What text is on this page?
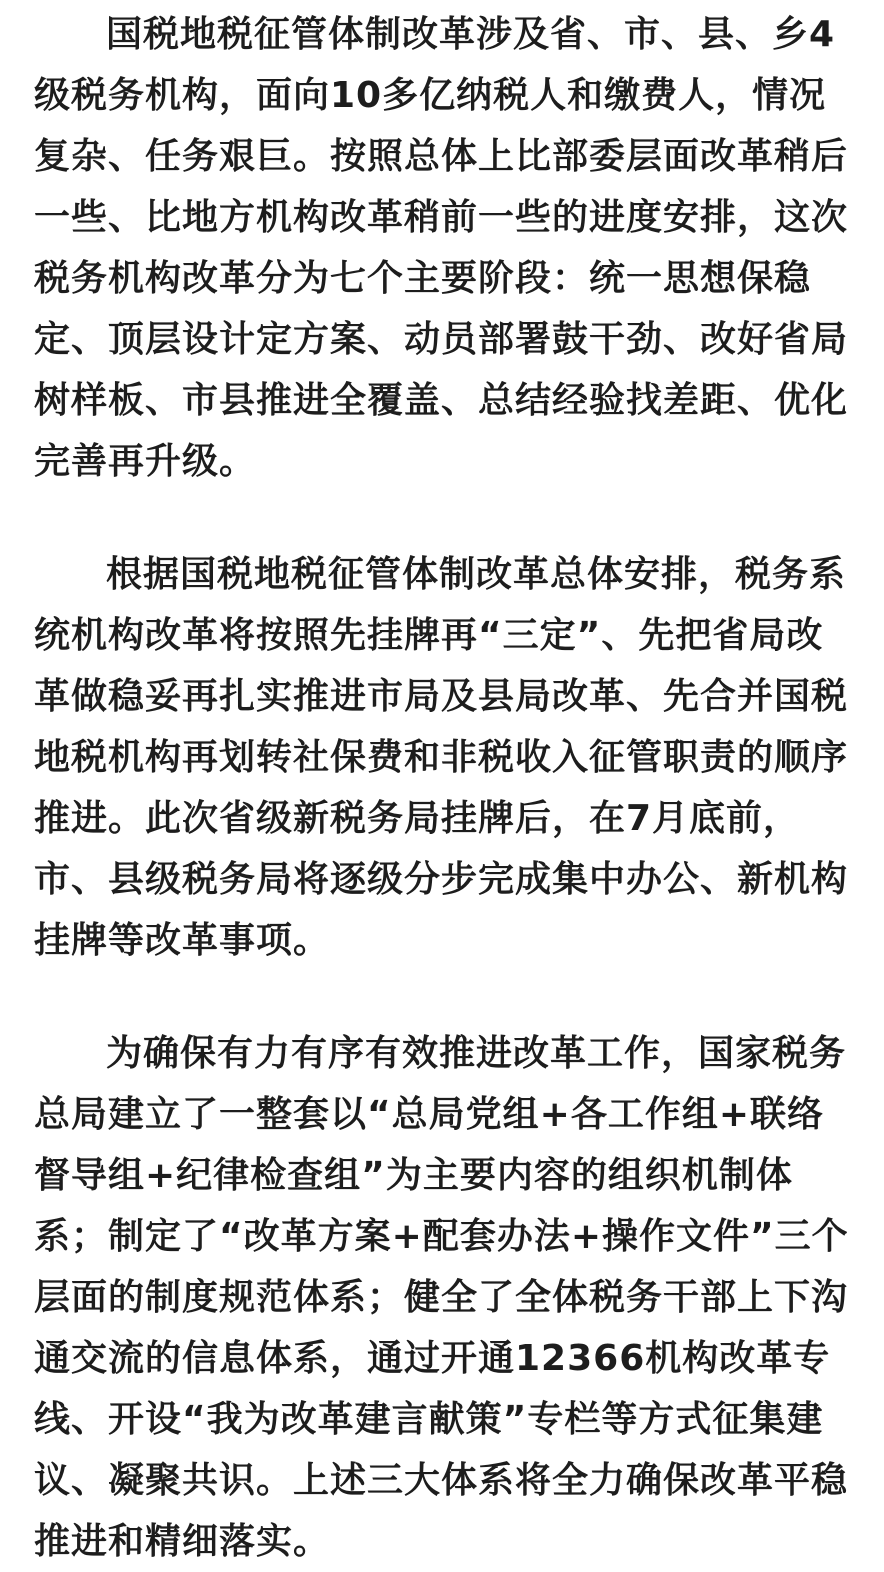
国税地税征管体制改革涉及省、市、县、乡4级税务机构，面向10多亿纳税人和缴费人，情况复杂、任务艰巨。按照总体上比部委层面改革稍后一些、比地方机构改革稍前一些的进度安排，这次税务机构改革分为七个主要阶段：统一思想保稳定、顶层设计定方案、动员部署鼓干劲、改好省局树样板、市县推进全覆盖、总结经验找差距、优化完善再升级。

根据国税地税征管体制改革总体安排，税务系统机构改革将按照先挂牌再“三定”、先把省局改革做稳妥再扎实推进市局及县局改革、先合并国税地税机构再划转社保费和非税收入征管职责的顺序推进。此次省级新税务局挂牌后，在7月底前，市、县级税务局将逐级分步完成集中办公、新机构挂牌等改革事项。

为确保有力有序有效推进改革工作，国家税务总局建立了一整套以“总局党组+各工作组+联络督导组+纪律检查组”为主要内容的组织机制体系；制定了“改革方案+配套办法+操作文件”三个层面的制度规范体系；健全了全体税务干部上下沟通交流的信息体系，通过开通12366机构改革专线、开设“我为改革建言献策”专栏等方式征集建议、凝聚共识。上述三大体系将全力确保改革平稳推进和精细落实。
